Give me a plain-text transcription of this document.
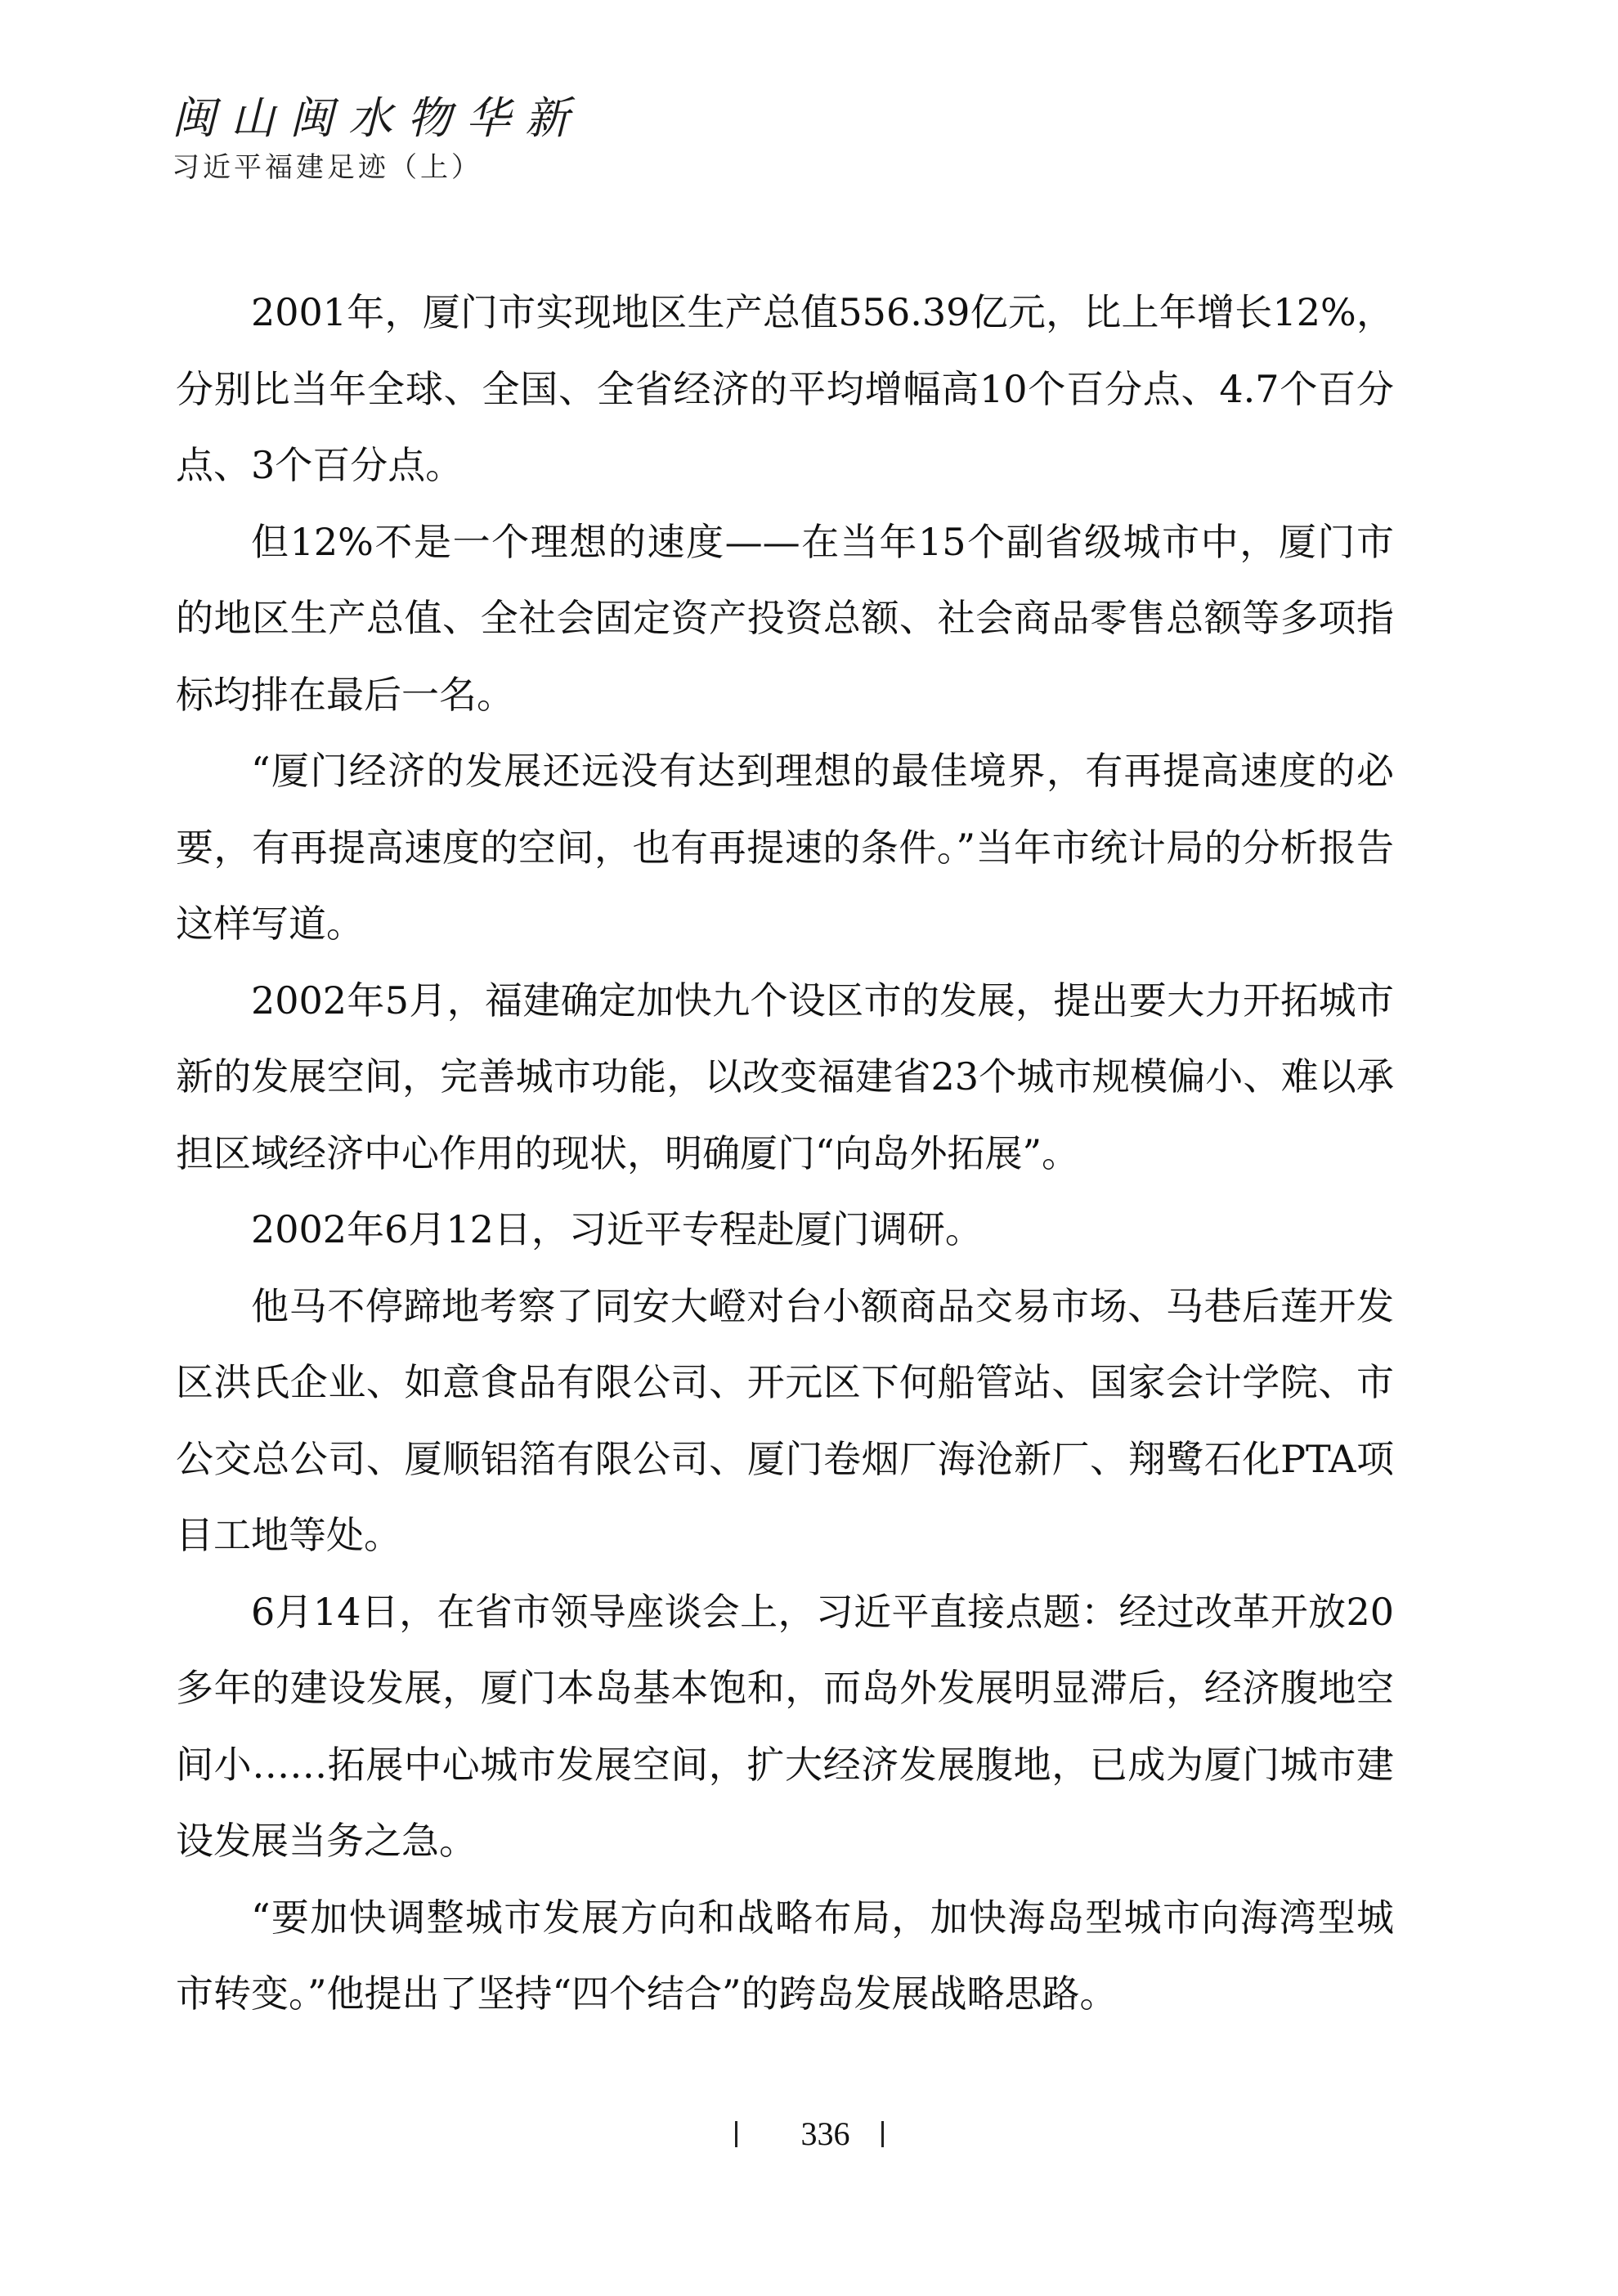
闽山闽水物华新
习近平福建足迹（上）

2001年，厦门市实现地区生产总值556.39亿元，比上年增长12%，分别比当年全球、全国、全省经济的平均增幅高10个百分点、4.7个百分点、3个百分点。

但12%不是一个理想的速度——在当年15个副省级城市中，厦门市的地区生产总值、全社会固定资产投资总额、社会商品零售总额等多项指标均排在最后一名。

“厦门经济的发展还远没有达到理想的最佳境界，有再提高速度的必要，有再提高速度的空间，也有再提速的条件。”当年市统计局的分析报告这样写道。

2002年5月，福建确定加快九个设区市的发展，提出要大力开拓城市新的发展空间，完善城市功能，以改变福建省23个城市规模偏小、难以承担区域经济中心作用的现状，明确厦门“向岛外拓展”。

2002年6月12日，习近平专程赴厦门调研。

他马不停蹄地考察了同安大嶝对台小额商品交易市场、马巷后莲开发区洪氏企业、如意食品有限公司、开元区下何船管站、国家会计学院、市公交总公司、厦顺铝箔有限公司、厦门卷烟厂海沧新厂、翔鹭石化PTA项目工地等处。

6月14日，在省市领导座谈会上，习近平直接点题：经过改革开放20多年的建设发展，厦门本岛基本饱和，而岛外发展明显滞后，经济腹地空间小……拓展中心城市发展空间，扩大经济发展腹地，已成为厦门城市建设发展当务之急。

“要加快调整城市发展方向和战略布局，加快海岛型城市向海湾型城市转变。”他提出了坚持“四个结合”的跨岛发展战略思路。

336
